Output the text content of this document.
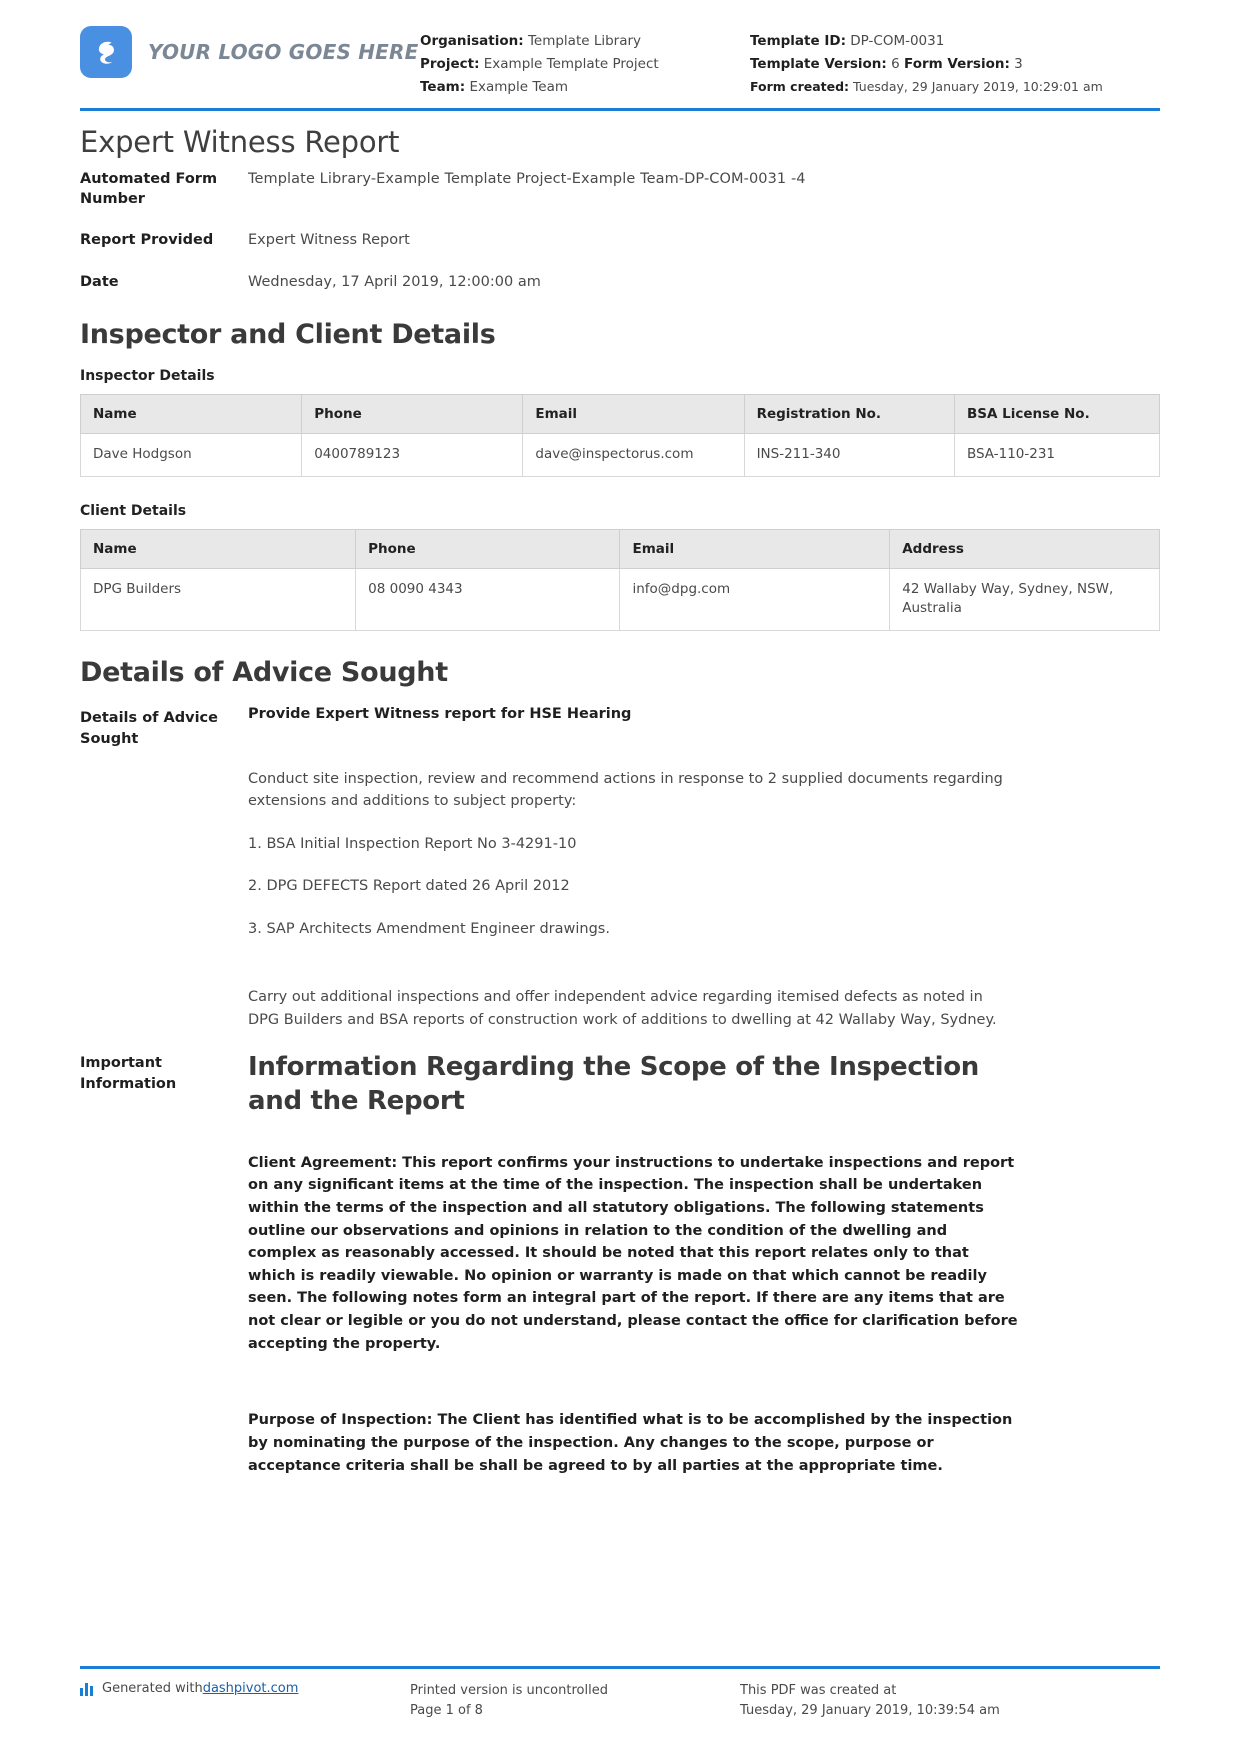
YOUR LOGO GOES HERE Organisation: Template Library
Project: Example Template Project
Team: Example Team
Template ID: DP-COM-0031
Template Version: 6 Form Version: 3
Form created: Tuesday, 29 January 2019, 10:29:01 am
Expert Witness Report
Automated Form Number
Template Library-Example Template Project-Example Team-DP-COM-0031 -4
Report Provided	Expert Witness Report
Date	Wednesday, 17 April 2019, 12:00:00 am
Inspector and Client Details
Inspector Details
Name	Phone	Email	Registration No.	BSA License No.
Dave Hodgson	0400789123	dave@inspectorus.com	INS-211-340	BSA-110-231
Client Details
Name	Phone	Email	Address
DPG Builders	08 0090 4343	info@dpg.com	42 Wallaby Way, Sydney, NSW, Australia
Details of Advice Sought
Details of Advice Sought
Provide Expert Witness report for HSE Hearing

Conduct site inspection, review and recommend actions in response to 2 supplied documents regarding extensions and additions to subject property:

1. BSA Initial Inspection Report No 3-4291-10

2. DPG DEFECTS Report dated 26 April 2012

3. SAP Architects Amendment Engineer drawings.

Carry out additional inspections and offer independent advice regarding itemised defects as noted in DPG Builders and BSA reports of construction work of additions to dwelling at 42 Wallaby Way, Sydney.

Important Information
Information Regarding the Scope of the Inspection and the Report

Client Agreement: This report confirms your instructions to undertake inspections and report on any significant items at the time of the inspection. The inspection shall be undertaken within the terms of the inspection and all statutory obligations. The following statements outline our observations and opinions in relation to the condition of the dwelling and complex as reasonably accessed. It should be noted that this report relates only to that which is readily viewable. No opinion or warranty is made on that which cannot be readily seen. The following notes form an integral part of the report. If there are any items that are not clear or legible or you do not understand, please contact the office for clarification before accepting the property.

Purpose of Inspection: The Client has identified what is to be accomplished by the inspection by nominating the purpose of the inspection. Any changes to the scope, purpose or acceptance criteria shall be shall be agreed to by all parties at the appropriate time.

Generated with dashpivot.com	Printed version is uncontrolled
Page 1 of 8
This PDF was created at
Tuesday, 29 January 2019, 10:39:54 am
